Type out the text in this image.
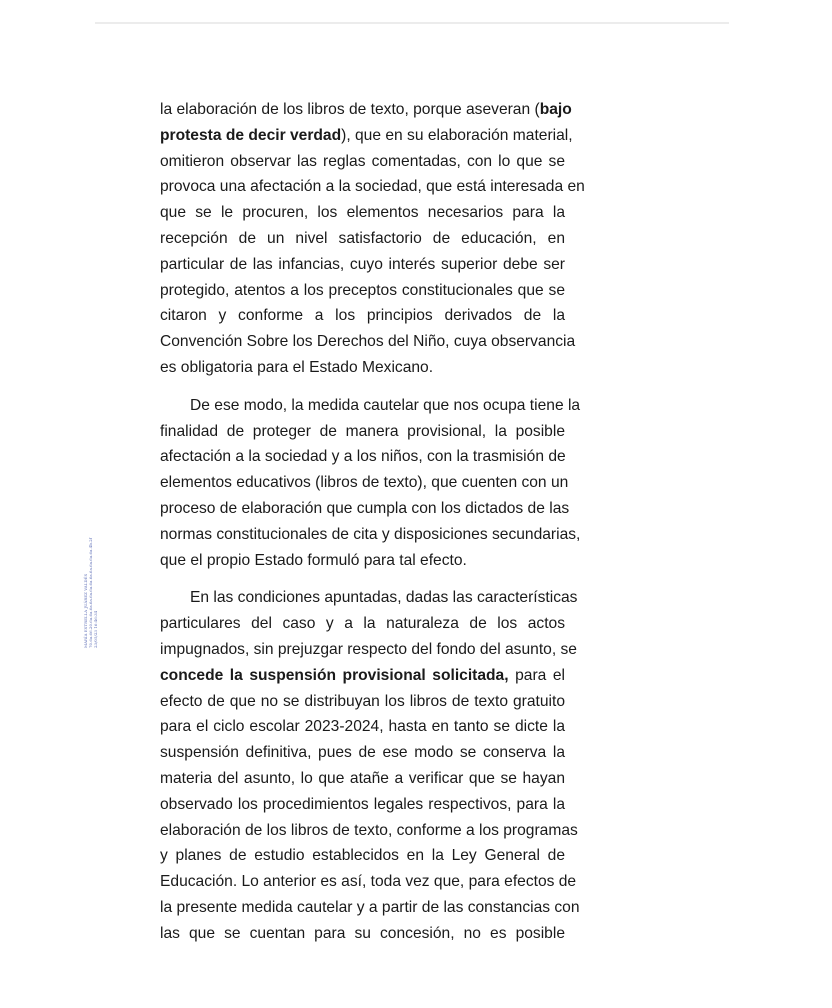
MARÍA ESTRELLA JUÁREZ VALDÉS 70.6a.66.20.6a.6a.6a.6a.6a.6a.6a.6a.6a.6a.6a.6a.4b.2f 23/05/23 16:46:34
la elaboración de los libros de texto, porque aseveran (bajo
protesta de decir verdad), que en su elaboración material,
omitieron observar las reglas comentadas, con lo que se
provoca una afectación a la sociedad, que está interesada en
que se le procuren, los elementos necesarios para la
recepción de un nivel satisfactorio de educación, en
particular de las infancias, cuyo interés superior debe ser
protegido, atentos a los preceptos constitucionales que se
citaron y conforme a los principios derivados de la
Convención Sobre los Derechos del Niño, cuya observancia
es obligatoria para el Estado Mexicano.
De ese modo, la medida cautelar que nos ocupa tiene la
finalidad de proteger de manera provisional, la posible
afectación a la sociedad y a los niños, con la trasmisión de
elementos educativos (libros de texto), que cuenten con un
proceso de elaboración que cumpla con los dictados de las
normas constitucionales de cita y disposiciones secundarias,
que el propio Estado formuló para tal efecto.
En las condiciones apuntadas, dadas las características
particulares del caso y a la naturaleza de los actos
impugnados, sin prejuzgar respecto del fondo del asunto, se
concede la suspensión provisional solicitada, para el
efecto de que no se distribuyan los libros de texto gratuito
para el ciclo escolar 2023-2024, hasta en tanto se dicte la
suspensión definitiva, pues de ese modo se conserva la
materia del asunto, lo que atañe a verificar que se hayan
observado los procedimientos legales respectivos, para la
elaboración de los libros de texto, conforme a los programas
y planes de estudio establecidos en la Ley General de
Educación. Lo anterior es así, toda vez que, para efectos de
la presente medida cautelar y a partir de las constancias con
las que se cuentan para su concesión, no es posible
